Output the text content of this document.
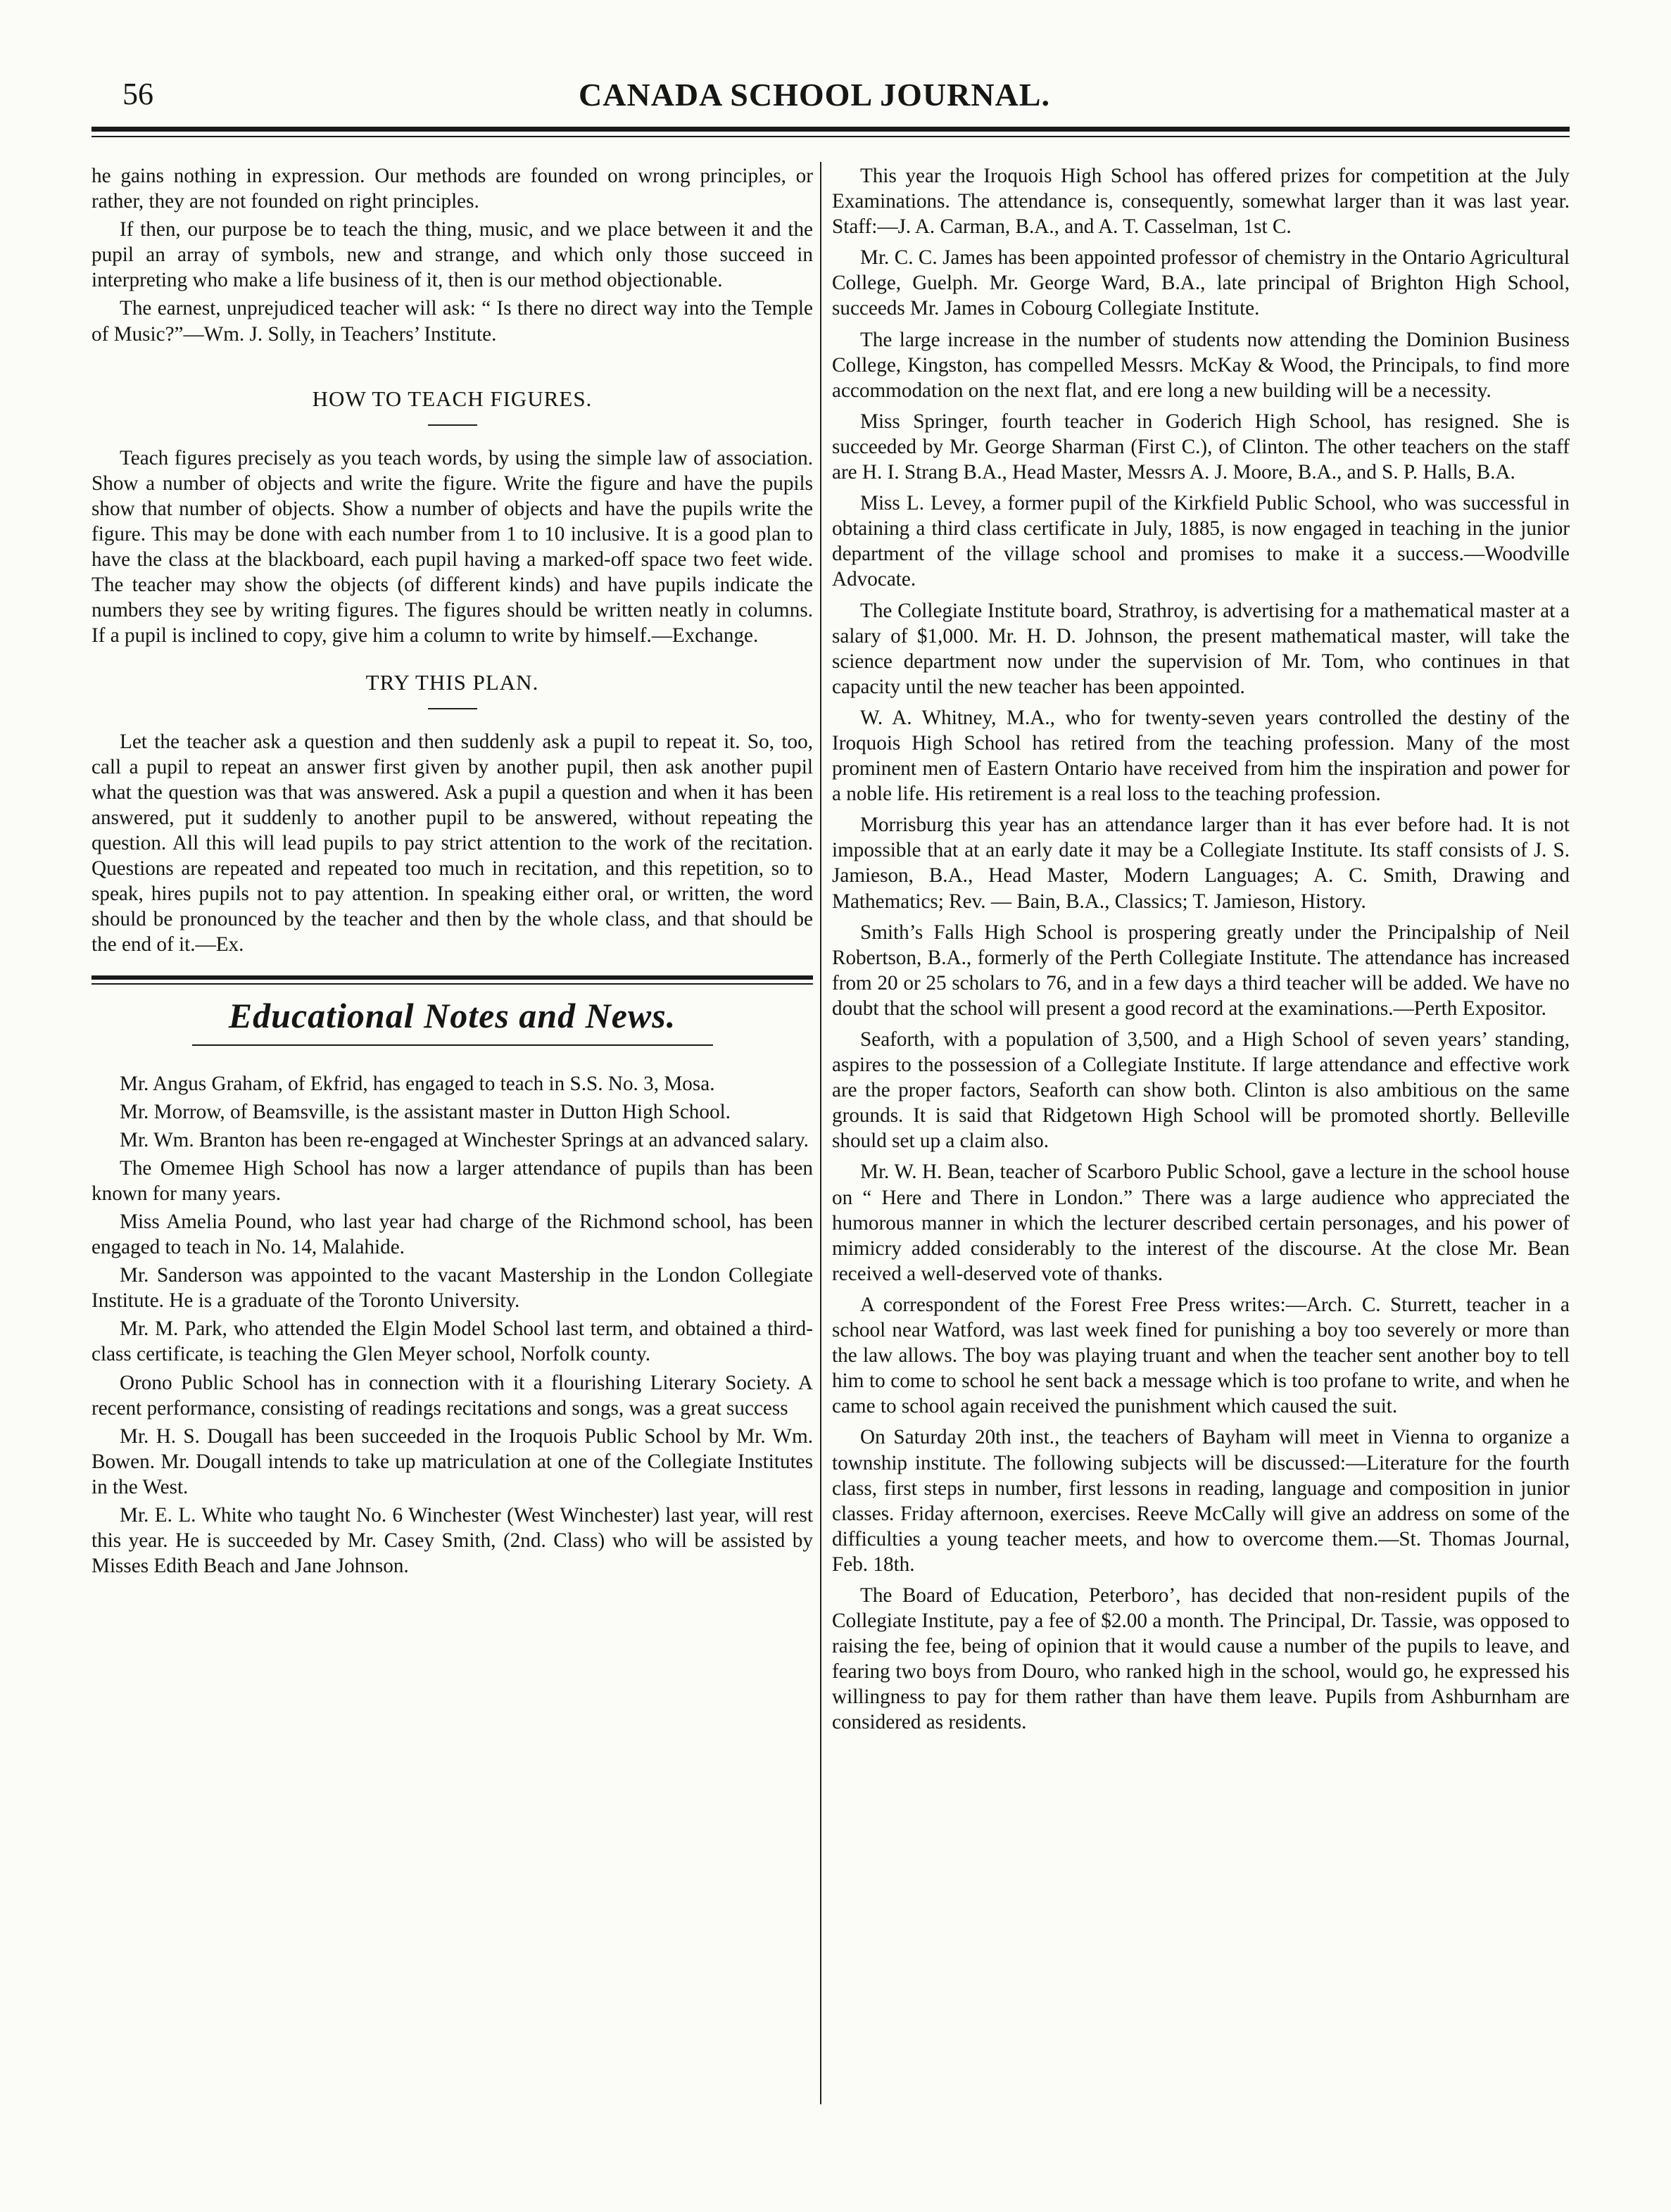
56	CANADA SCHOOL JOURNAL.

he gains nothing in expression. Our methods are founded on wrong principles, or rather, they are not founded on right principles.

If then, our purpose be to teach the thing, music, and we place between it and the pupil an array of symbols, new and strange, and which only those succeed in interpreting who make a life business of it, then is our method objectionable.

The earnest, unprejudiced teacher will ask: “ Is there no direct way into the Temple of Music?”—Wm. J. Solly, in Teachers’ Institute.

HOW TO TEACH FIGURES.

Teach figures precisely as you teach words, by using the simple law of association. Show a number of objects and write the figure. Write the figure and have the pupils show that number of objects. Show a number of objects and have the pupils write the figure. This may be done with each number from 1 to 10 inclusive. It is a good plan to have the class at the blackboard, each pupil having a marked-off space two feet wide. The teacher may show the objects (of different kinds) and have pupils indicate the numbers they see by writing figures. The figures should be written neatly in columns. If a pupil is inclined to copy, give him a column to write by himself.—Exchange.

TRY THIS PLAN.

Let the teacher ask a question and then suddenly ask a pupil to repeat it. So, too, call a pupil to repeat an answer first given by another pupil, then ask another pupil what the question was that was answered. Ask a pupil a question and when it has been answered, put it suddenly to another pupil to be answered, without repeating the question. All this will lead pupils to pay strict attention to the work of the recitation. Questions are repeated and repeated too much in recitation, and this repetition, so to speak, hires pupils not to pay attention. In speaking either oral, or written, the word should be pronounced by the teacher and then by the whole class, and that should be the end of it.—Ex.

Educational Notes and News.

Mr. Angus Graham, of Ekfrid, has engaged to teach in S.S. No. 3, Mosa.

Mr. Morrow, of Beamsville, is the assistant master in Dutton High School.

Mr. Wm. Branton has been re-engaged at Winchester Springs at an advanced salary.

The Omemee High School has now a larger attendance of pupils than has been known for many years.

Miss Amelia Pound, who last year had charge of the Richmond school, has been engaged to teach in No. 14, Malahide.

Mr. Sanderson was appointed to the vacant Mastership in the London Collegiate Institute. He is a graduate of the Toronto University.

Mr. M. Park, who attended the Elgin Model School last term, and obtained a third-class certificate, is teaching the Glen Meyer school, Norfolk county.

Orono Public School has in connection with it a flourishing Literary Society. A recent performance, consisting of readings recitations and songs, was a great success

Mr. H. S. Dougall has been succeeded in the Iroquois Public School by Mr. Wm. Bowen. Mr. Dougall intends to take up matriculation at one of the Collegiate Institutes in the West.

Mr. E. L. White who taught No. 6 Winchester (West Winchester) last year, will rest this year. He is succeeded by Mr. Casey Smith, (2nd. Class) who will be assisted by Misses Edith Beach and Jane Johnson.

This year the Iroquois High School has offered prizes for competition at the July Examinations. The attendance is, consequently, somewhat larger than it was last year. Staff:—J. A. Carman, B.A., and A. T. Casselman, 1st C.

Mr. C. C. James has been appointed professor of chemistry in the Ontario Agricultural College, Guelph. Mr. George Ward, B.A., late principal of Brighton High School, succeeds Mr. James in Cobourg Collegiate Institute.

The large increase in the number of students now attending the Dominion Business College, Kingston, has compelled Messrs. McKay & Wood, the Principals, to find more accommodation on the next flat, and ere long a new building will be a necessity.

Miss Springer, fourth teacher in Goderich High School, has resigned. She is succeeded by Mr. George Sharman (First C.), of Clinton. The other teachers on the staff are H. I. Strang B.A., Head Master, Messrs A. J. Moore, B.A., and S. P. Halls, B.A.

Miss L. Levey, a former pupil of the Kirkfield Public School, who was successful in obtaining a third class certificate in July, 1885, is now engaged in teaching in the junior department of the village school and promises to make it a success.—Woodville Advocate.

The Collegiate Institute board, Strathroy, is advertising for a mathematical master at a salary of $1,000. Mr. H. D. Johnson, the present mathematical master, will take the science department now under the supervision of Mr. Tom, who continues in that capacity until the new teacher has been appointed.

W. A. Whitney, M.A., who for twenty-seven years controlled the destiny of the Iroquois High School has retired from the teaching profession. Many of the most prominent men of Eastern Ontario have received from him the inspiration and power for a noble life. His retirement is a real loss to the teaching profession.

Morrisburg this year has an attendance larger than it has ever before had. It is not impossible that at an early date it may be a Collegiate Institute. Its staff consists of J. S. Jamieson, B.A., Head Master, Modern Languages; A. C. Smith, Drawing and Mathematics; Rev. — Bain, B.A., Classics; T. Jamieson, History.

Smith’s Falls High School is prospering greatly under the Principalship of Neil Robertson, B.A., formerly of the Perth Collegiate Institute. The attendance has increased from 20 or 25 scholars to 76, and in a few days a third teacher will be added. We have no doubt that the school will present a good record at the examinations.—Perth Expositor.

Seaforth, with a population of 3,500, and a High School of seven years’ standing, aspires to the possession of a Collegiate Institute. If large attendance and effective work are the proper factors, Seaforth can show both. Clinton is also ambitious on the same grounds. It is said that Ridgetown High School will be promoted shortly. Belleville should set up a claim also.

Mr. W. H. Bean, teacher of Scarboro Public School, gave a lecture in the school house on “ Here and There in London.” There was a large audience who appreciated the humorous manner in which the lecturer described certain personages, and his power of mimicry added considerably to the interest of the discourse. At the close Mr. Bean received a well-deserved vote of thanks.

A correspondent of the Forest Free Press writes:—Arch. C. Sturrett, teacher in a school near Watford, was last week fined for punishing a boy too severely or more than the law allows. The boy was playing truant and when the teacher sent another boy to tell him to come to school he sent back a message which is too profane to write, and when he came to school again received the punishment which caused the suit.

On Saturday 20th inst., the teachers of Bayham will meet in Vienna to organize a township institute. The following subjects will be discussed:—Literature for the fourth class, first steps in number, first lessons in reading, language and composition in junior classes. Friday afternoon, exercises. Reeve McCally will give an address on some of the difficulties a young teacher meets, and how to overcome them.—St. Thomas Journal, Feb. 18th.

The Board of Education, Peterboro’, has decided that non-resident pupils of the Collegiate Institute, pay a fee of $2.00 a month. The Principal, Dr. Tassie, was opposed to raising the fee, being of opinion that it would cause a number of the pupils to leave, and fearing two boys from Douro, who ranked high in the school, would go, he expressed his willingness to pay for them rather than have them leave. Pupils from Ashburnham are considered as residents.
